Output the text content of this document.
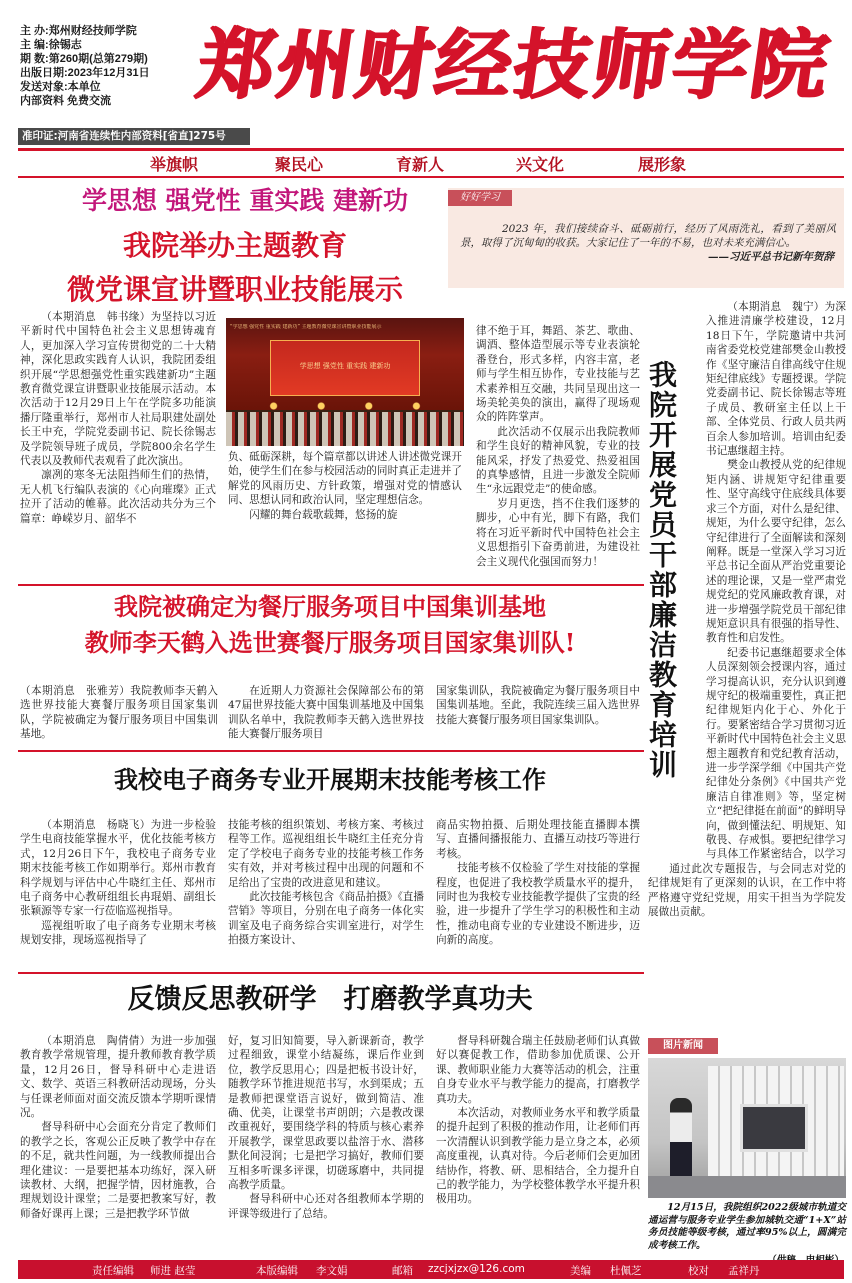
主 办:郑州财经技师学院
主 编:徐锡志
期 数:第260期(总第279期)
出版日期:2023年12月31日
发送对象:本单位
内部资料 免费交流
准印证:河南省连续性内部资料[省直]275号
郑州财经技师学院
举旗帜	聚民心	育新人	兴文化	展形象
学思想 强党性 重实践 建新功
我院举办主题教育
微党课宣讲暨职业技能展示
好好学习
2023 年，我们接续奋斗、砥砺前行，经历了风雨洗礼，看到了美丽风景，取得了沉甸甸的收获。大家记住了一年的不易，也对未来充满信心。
——习近平总书记新年贺辞

（本期消息　韩书缘）为坚持以习近平新时代中国特色社会主义思想铸魂育人，更加深入学习宣传贯彻党的二十大精神，深化思政实践育人认识，我院团委组织开展“学思想强党性重实践建新功”主题教育微党课宣讲暨职业技能展示活动。本次活动于12月29日上午在学院多功能演播厅隆重举行，郑州市人社局职建处副处长王中充，学院党委副书记、院长徐锡志及学院领导班子成员，学院800余名学生代表以及教师代表观看了此次演出。

凛冽的寒冬无法阻挡师生们的热情，无人机飞行编队表演的《心向璀璨》正式拉开了活动的帷幕。此次活动共分为三个篇章：峥嵘岁月、韶华不

“学思想 强党性 重实践 建新功” 主题教育微党课宣讲暨职业技能展示
学思想 强党性 重实践 建新功

负、砥砺深耕，每个篇章都以讲述人讲述微党课开始，使学生们在参与校园活动的同时真正走进并了解党的风雨历史、方针政策，增强对党的情感认同、思想认同和政治认同，坚定理想信念。

闪耀的舞台载歌载舞，悠扬的旋

律不绝于耳，舞蹈、茶艺、歌曲、调酒、整体造型展示等专业表演轮番登台，形式多样，内容丰富，老师与学生相互协作，专业技能与艺术素养相互交融，共同呈现出这一场美轮美奂的演出，赢得了现场观众的阵阵掌声。

此次活动不仅展示出我院教师和学生良好的精神风貌，专业的技能风采，抒发了热爱党、热爱祖国的真挚感情，且进一步激发全院师生“永远跟党走”的使命感。

岁月更迭，挡不住我们逐梦的脚步，心中有光，脚下有路，我们将在习近平新时代中国特色社会主义思想指引下奋勇前进，为建设社会主义现代化强国而努力！	我院开展党员干部廉洁教育培训

（本期消息　魏宁）为深入推进清廉学校建设，12月18日下午，学院邀请中共河南省委党校党建部樊金山教授作《坚守廉洁自律高线守住规矩纪律底线》专题授课。学院党委副书记、院长徐锡志等班子成员、教研室主任以上干部、全体党员、行政人员共两百余人参加培训。培训由纪委书记惠继超主持。

樊金山教授从党的纪律规矩内涵、讲规矩守纪律重要性、坚守高线守住底线具体要求三个方面，对什么是纪律、规矩，为什么要守纪律，怎么守纪律进行了全面解读和深刻阐释。既是一堂深入学习习近平总书记全面从严治党重要论述的理论课，又是一堂严肃党规党纪的党风廉政教育课，对进一步增强学院党员干部纪律规矩意识具有很强的指导性、教育性和启发性。

纪委书记惠继超要求全体人员深刻领会授课内容，通过学习提高认识，充分认识到遵规守纪的极端重要性，真正把纪律规矩内化于心、外化于行。要紧密结合学习贯彻习近平新时代中国特色社会主义思想主题教育和党纪教育活动，进一步学深学细《中国共产党纪律处分条例》《中国共产党廉洁自律准则》等，坚定树立“把纪律挺在前面”的鲜明导向，做到懂法纪、明规矩、知敬畏、存戒惧。要把纪律学习与具体工作紧密结合，以学习

通过此次专题报告，与会同志对党的纪律规矩有了更深刻的认识，在工作中将严格遵守党纪党规，用实干担当为学院发展做出贡献。

我院被确定为餐厅服务项目中国集训基地
教师李天鹤入选世赛餐厅服务项目国家集训队!
（本期消息　张雅芳）我院教师李天鹤入选世界技能大赛餐厅服务项目国家集训队，学院被确定为餐厅服务项目中国集训基地。
在近期人力资源社会保障部公布的第47届世界技能大赛中国集训基地及中国集训队名单中，我院教师李天鹤入选世界技能大赛餐厅服务项目
国家集训队，我院被确定为餐厅服务项目中国集训基地。至此，我院连续三届入选世界技能大赛餐厅服务项目国家集训队。
我校电子商务专业开展期末技能考核工作

（本期消息　杨晓飞）为进一步检验学生电商技能掌握水平，优化技能考核方式，12月26日下午，我校电子商务专业期末技能考核工作如期举行。郑州市教育科学规划与评估中心牛晓红主任、郑州市电子商务中心教研组组长冉琨娟、副组长张颖源等专家一行莅临巡视指导。

巡视组听取了电子商务专业期末考核规划安排，现场巡视指导了

技能考核的组织策划、考核方案、考核过程等工作。巡视组组长牛晓红主任充分肯定了学校电子商务专业的技能考核工作务实有效，并对考核过程中出现的问题和不足给出了宝贵的改进意见和建议。

此次技能考核包含《商品拍摄》《直播营销》等项目，分别在电子商务一体化实训室及电子商务综合实训室进行，对学生拍摄方案设计、

商品实物拍摄、后期处理技能直播脚本撰写、直播间播报能力、直播互动技巧等进行考核。

技能考核不仅检验了学生对技能的掌握程度，也促进了我校教学质量水平的提升，同时也为我校专业技能教学提供了宝贵的经验，进一步提升了学生学习的积极性和主动性，推动电商专业的专业建设不断进步，迈向新的高度。

反馈反思教研学　打磨教学真功夫

（本期消息　陶倩倩）为进一步加强教育教学常规管理，提升教师教育教学质量，12月26日，督导科研中心走进语文、数学、英语三科教研活动现场，分头与任课老师面对面交流反馈本学期听课情况。

督导科研中心会面充分肯定了教师们的教学之长，客观公正反映了教学中存在的不足，就共性问题，为一线教师提出合理化建议：一是要把基本功练好，深入研读教材、大纲，把握学情，因材施教，合理规划设计课堂；二是要把教案写好，教师备好课再上课；三是把教学环节做

好，复习旧知简要，导入新课新奇，教学过程细致，课堂小结凝练，课后作业到位，教学反思用心；四是把板书设计好，随教学环节推进规范书写，水到渠成；五是教师把课堂语言说好，做到简洁、准确、优美，让课堂书声朗朗；六是教改课改重视好，要围绕学科的特质与核心素养开展教学，课堂思政要以盐溶于水、潜移默化间浸润；七是把学习搞好，教师们要互相多听课多评课，切磋琢磨中，共同提高教学质量。

督导科研中心还对各组教师本学期的评课等级进行了总结。

督导科研魏合瑞主任鼓励老师们认真做好以赛促教工作，借助参加优质课、公开课、教师职业能力大赛等活动的机会，注重自身专业水平与教学能力的提高，打磨教学真功夫。

本次活动，对教师业务水平和教学质量的提升起到了积极的推动作用，让老师们再一次清醒认识到教学能力是立身之本，必须高度重视，认真对待。今后老师们会更加团结协作，将教、研、思相结合，全力提升自己的教学能力，为学校整体教学水平提升积极用功。

图片新闻
12月15日，我院组织2022级城市轨道交通运营与服务专业学生参加城轨交通“1+X”站务员技能等级考核，通过率95%以上，圆满完成考核工作。
责任编辑 师进 赵莹	本版编辑 李文娟	邮箱 zzcjxjzx@126.com	美编 杜佩芝	校对 孟祥丹
